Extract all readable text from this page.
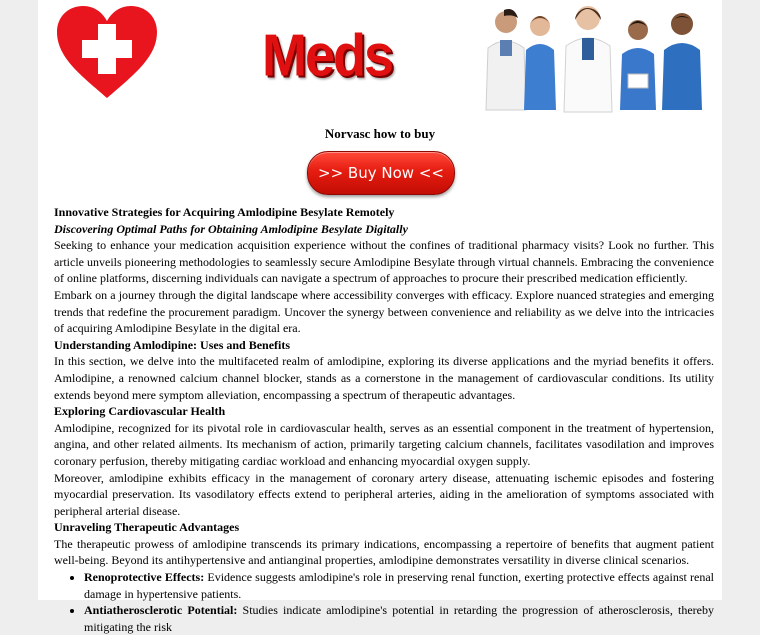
Meds
Norvasc how to buy
>> Buy Now <<
Innovative Strategies for Acquiring Amlodipine Besylate Remotely
Discovering Optimal Paths for Obtaining Amlodipine Besylate Digitally

Seeking to enhance your medication acquisition experience without the confines of traditional pharmacy visits? Look no further. This article unveils pioneering methodologies to seamlessly secure Amlodipine Besylate through virtual channels. Embracing the convenience of online platforms, discerning individuals can navigate a spectrum of approaches to procure their prescribed medication efficiently.

Embark on a journey through the digital landscape where accessibility converges with efficacy. Explore nuanced strategies and emerging trends that redefine the procurement paradigm. Uncover the synergy between convenience and reliability as we delve into the intricacies of acquiring Amlodipine Besylate in the digital era.

Understanding Amlodipine: Uses and Benefits

In this section, we delve into the multifaceted realm of amlodipine, exploring its diverse applications and the myriad benefits it offers. Amlodipine, a renowned calcium channel blocker, stands as a cornerstone in the management of cardiovascular conditions. Its utility extends beyond mere symptom alleviation, encompassing a spectrum of therapeutic advantages.

Exploring Cardiovascular Health

Amlodipine, recognized for its pivotal role in cardiovascular health, serves as an essential component in the treatment of hypertension, angina, and other related ailments. Its mechanism of action, primarily targeting calcium channels, facilitates vasodilation and improves coronary perfusion, thereby mitigating cardiac workload and enhancing myocardial oxygen supply.

Moreover, amlodipine exhibits efficacy in the management of coronary artery disease, attenuating ischemic episodes and fostering myocardial preservation. Its vasodilatory effects extend to peripheral arteries, aiding in the amelioration of symptoms associated with peripheral arterial disease.

Unraveling Therapeutic Advantages

The therapeutic prowess of amlodipine transcends its primary indications, encompassing a repertoire of benefits that augment patient well-being. Beyond its antihypertensive and antianginal properties, amlodipine demonstrates versatility in diverse clinical scenarios.

• Renoprotective Effects: Evidence suggests amlodipine's role in preserving renal function, exerting protective effects against renal damage in hypertensive patients.
• Antiatherosclerotic Potential: Studies indicate amlodipine's potential in retarding the progression of atherosclerosis, thereby mitigating the risk
